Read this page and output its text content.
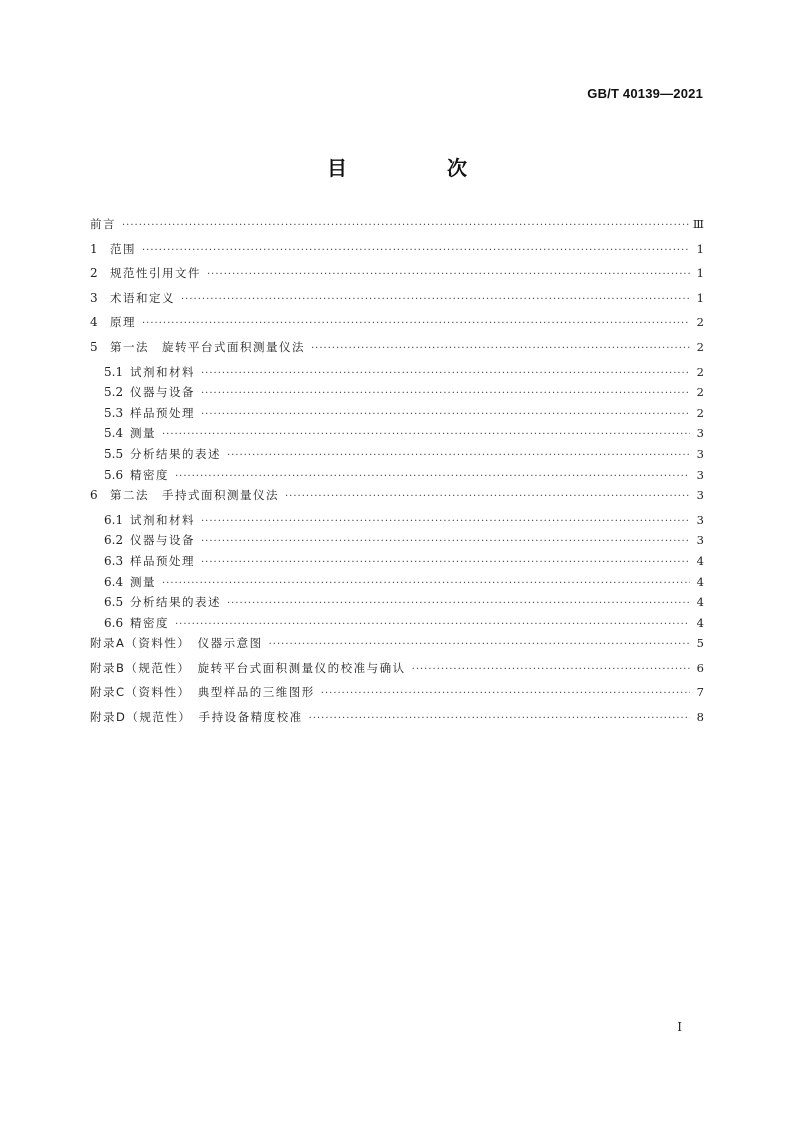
GB/T 40139—2021
目　次
前言 ·····	Ⅲ
1	范围 ·····	1
2	规范性引用文件 ·····	1
3	术语和定义 ·····	1
4	原理 ·····	2
5	第一法　旋转平台式面积测量仪法 ·····	2
5.1 试剂和材料 ·····	2
5.2 仪器与设备 ·····	2
5.3 样品预处理 ·····	2
5.4 测量 ·····	3
5.5 分析结果的表述 ·····	3
5.6 精密度 ·····	3
6	第二法　手持式面积测量仪法 ·····	3
6.1 试剂和材料 ·····	3
6.2 仪器与设备 ·····	3
6.3 样品预处理 ·····	4
6.4 测量 ·····	4
6.5 分析结果的表述 ·····	4
6.6 精密度 ·····	4
附录A（资料性）　仪器示意图 ·····	5
附录B（规范性）　旋转平台式面积测量仪的校准与确认 ·····	6
附录C（资料性）　典型样品的三维图形 ·····	7
附录D（规范性）　手持设备精度校准 ·····	8
Ⅰ
